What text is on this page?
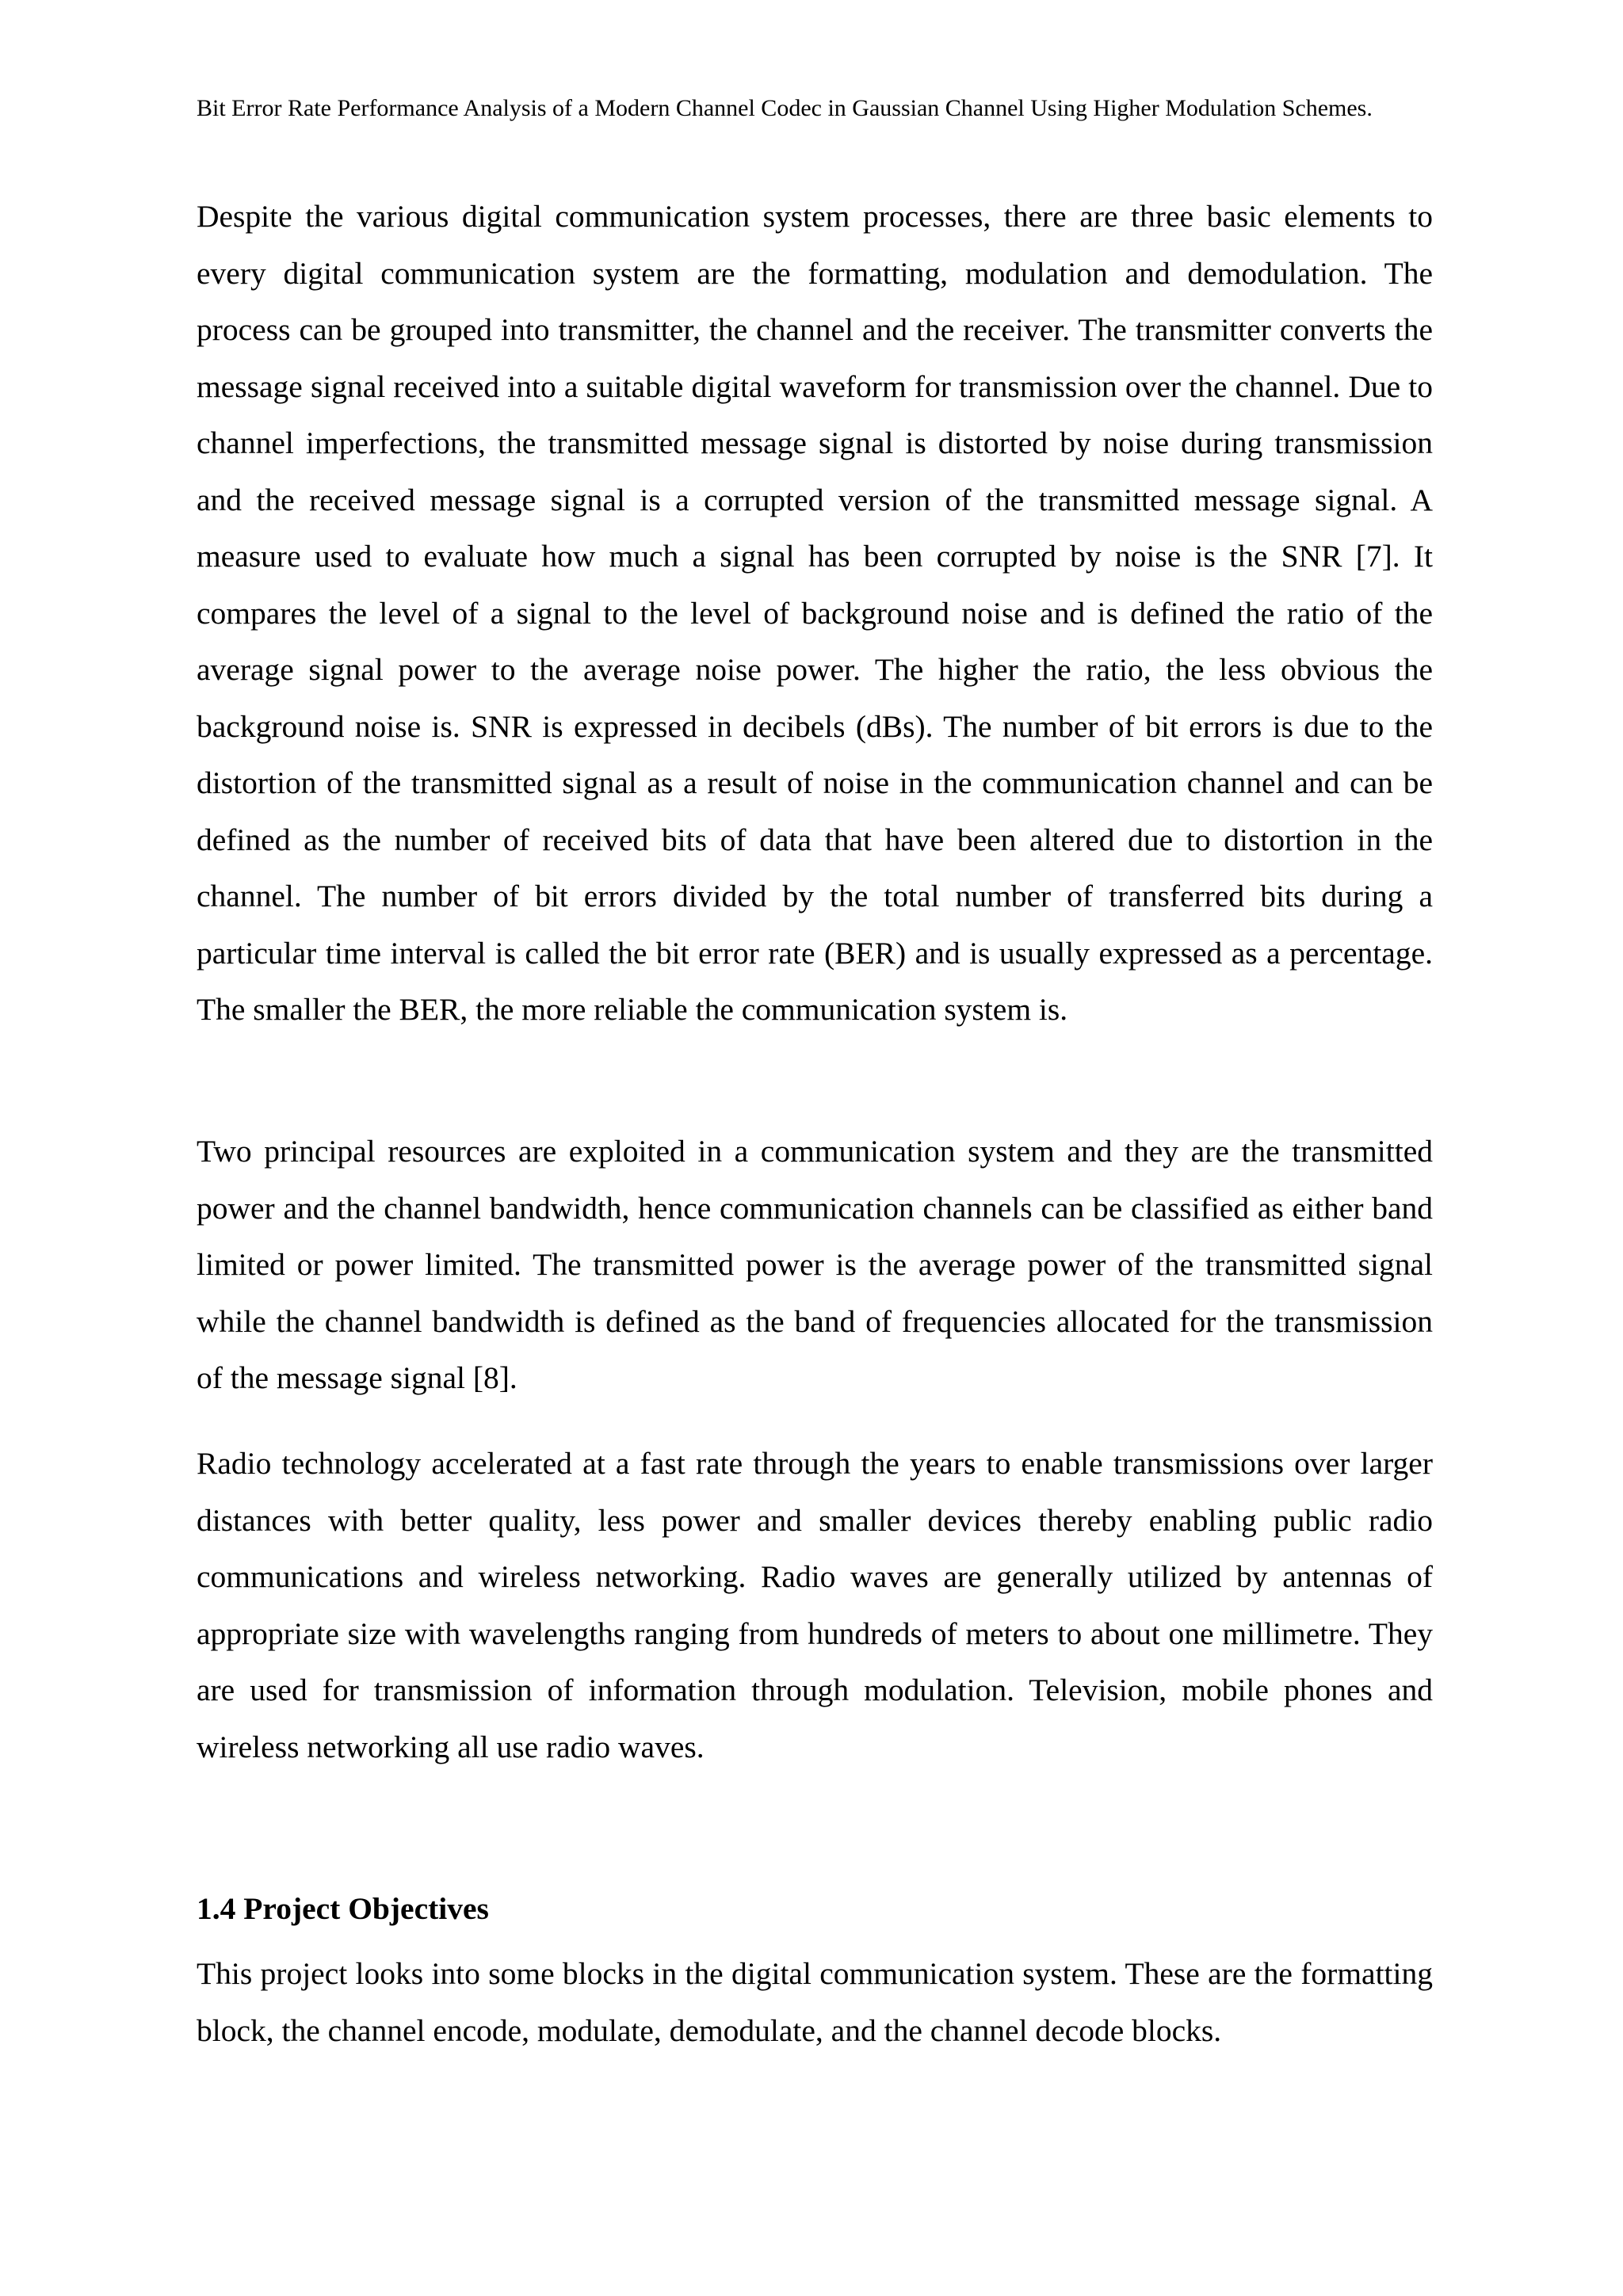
Bit Error Rate Performance Analysis of a Modern Channel Codec in Gaussian Channel Using Higher Modulation Schemes.

Despite the various digital communication system processes, there are three basic elements to every digital communication system are the formatting, modulation and demodulation. The process can be grouped into transmitter, the channel and the receiver. The transmitter converts the message signal received into a suitable digital waveform for transmission over the channel. Due to channel imperfections, the transmitted message signal is distorted by noise during transmission and the received message signal is a corrupted version of the transmitted message signal. A measure used to evaluate how much a signal has been corrupted by noise is the SNR [7]. It compares the level of a signal to the level of background noise and is defined the ratio of the average signal power to the average noise power. The higher the ratio, the less obvious the background noise is. SNR is expressed in decibels (dBs). The number of bit errors is due to the distortion of the transmitted signal as a result of noise in the communication channel and can be defined as the number of received bits of data that have been altered due to distortion in the channel. The number of bit errors divided by the total number of transferred bits during a particular time interval is called the bit error rate (BER) and is usually expressed as a percentage. The smaller the BER, the more reliable the communication system is.

Two principal resources are exploited in a communication system and they are the transmitted power and the channel bandwidth, hence communication channels can be classified as either band limited or power limited. The transmitted power is the average power of the transmitted signal while the channel bandwidth is defined as the band of frequencies allocated for the transmission of the message signal [8].

Radio technology accelerated at a fast rate through the years to enable transmissions over larger distances with better quality, less power and smaller devices thereby enabling public radio communications and wireless networking. Radio waves are generally utilized by antennas of appropriate size with wavelengths ranging from hundreds of meters to about one millimetre. They are used for transmission of information through modulation. Television, mobile phones and wireless networking all use radio waves.

1.4 Project Objectives

This project looks into some blocks in the digital communication system. These are the formatting block, the channel encode, modulate, demodulate, and the channel decode blocks.
